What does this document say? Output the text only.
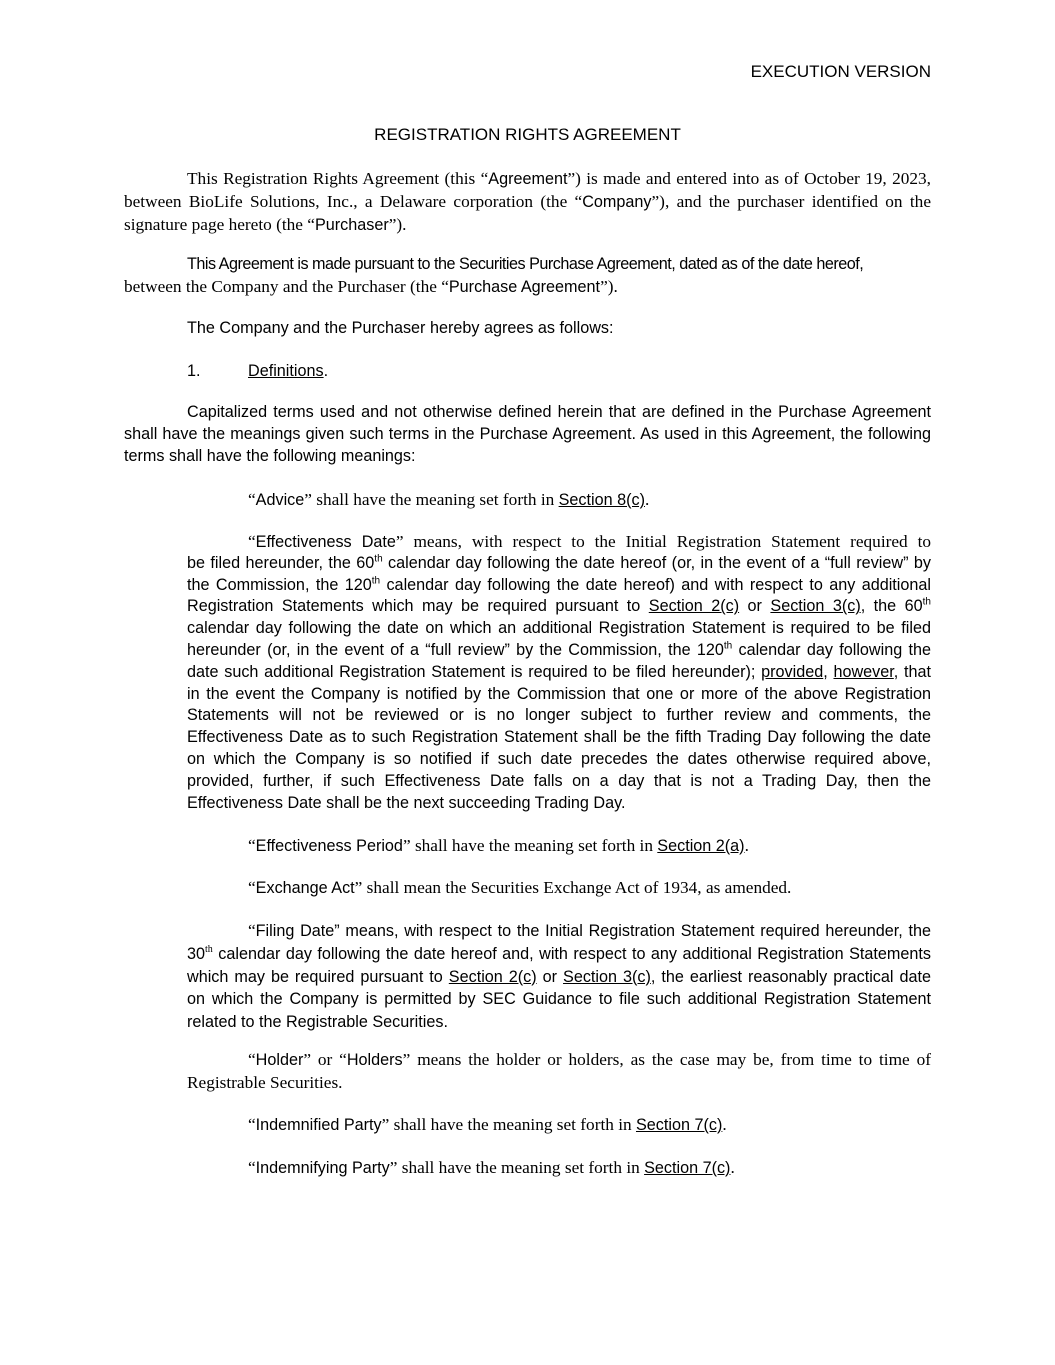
EXECUTION VERSION
REGISTRATION RIGHTS AGREEMENT

This Registration Rights Agreement (this “Agreement”) is made and entered into as of October 19, 2023, between BioLife Solutions, Inc., a Delaware corporation (the “Company”), and the purchaser identified on the signature page hereto (the “Purchaser”).

This Agreement is made pursuant to the Securities Purchase Agreement, dated as of the date hereof,
between the Company and the Purchaser (the “Purchase Agreement”).

The Company and the Purchaser hereby agrees as follows:

1.	Definitions.

Capitalized terms used and not otherwise defined herein that are defined in the Purchase Agreement shall have the meanings given such terms in the Purchase Agreement. As used in this Agreement, the following terms shall have the following meanings:

“Advice” shall have the meaning set forth in Section 8(c).

“Effectiveness Date” means, with respect to the Initial Registration Statement required to
be filed hereunder, the 60th calendar day following the date hereof (or, in the event of a “full review” by the Commission, the 120th calendar day following the date hereof) and with respect to any additional Registration Statements which may be required pursuant to Section 2(c) or Section 3(c), the 60th calendar day following the date on which an additional Registration Statement is required to be filed hereunder (or, in the event of a “full review” by the Commission, the 120th calendar day following the date such additional Registration Statement is required to be filed hereunder); provided, however, that in the event the Company is notified by the Commission that one or more of the above Registration Statements will not be reviewed or is no longer subject to further review and comments, the Effectiveness Date as to such Registration Statement shall be the fifth Trading Day following the date on which the Company is so notified if such date precedes the dates otherwise required above, provided, further, if such Effectiveness Date falls on a day that is not a Trading Day, then the Effectiveness Date shall be the next succeeding Trading Day.

“Effectiveness Period” shall have the meaning set forth in Section 2(a).

“Exchange Act” shall mean the Securities Exchange Act of 1934, as amended.

“Filing Date” means, with respect to the Initial Registration Statement required hereunder, the 30th calendar day following the date hereof and, with respect to any additional Registration Statements which may be required pursuant to Section 2(c) or Section 3(c), the earliest reasonably practical date on which the Company is permitted by SEC Guidance to file such additional Registration Statement related to the Registrable Securities.

“Holder” or “Holders” means the holder or holders, as the case may be, from time to time of Registrable Securities.

“Indemnified Party” shall have the meaning set forth in Section 7(c).

“Indemnifying Party” shall have the meaning set forth in Section 7(c).
